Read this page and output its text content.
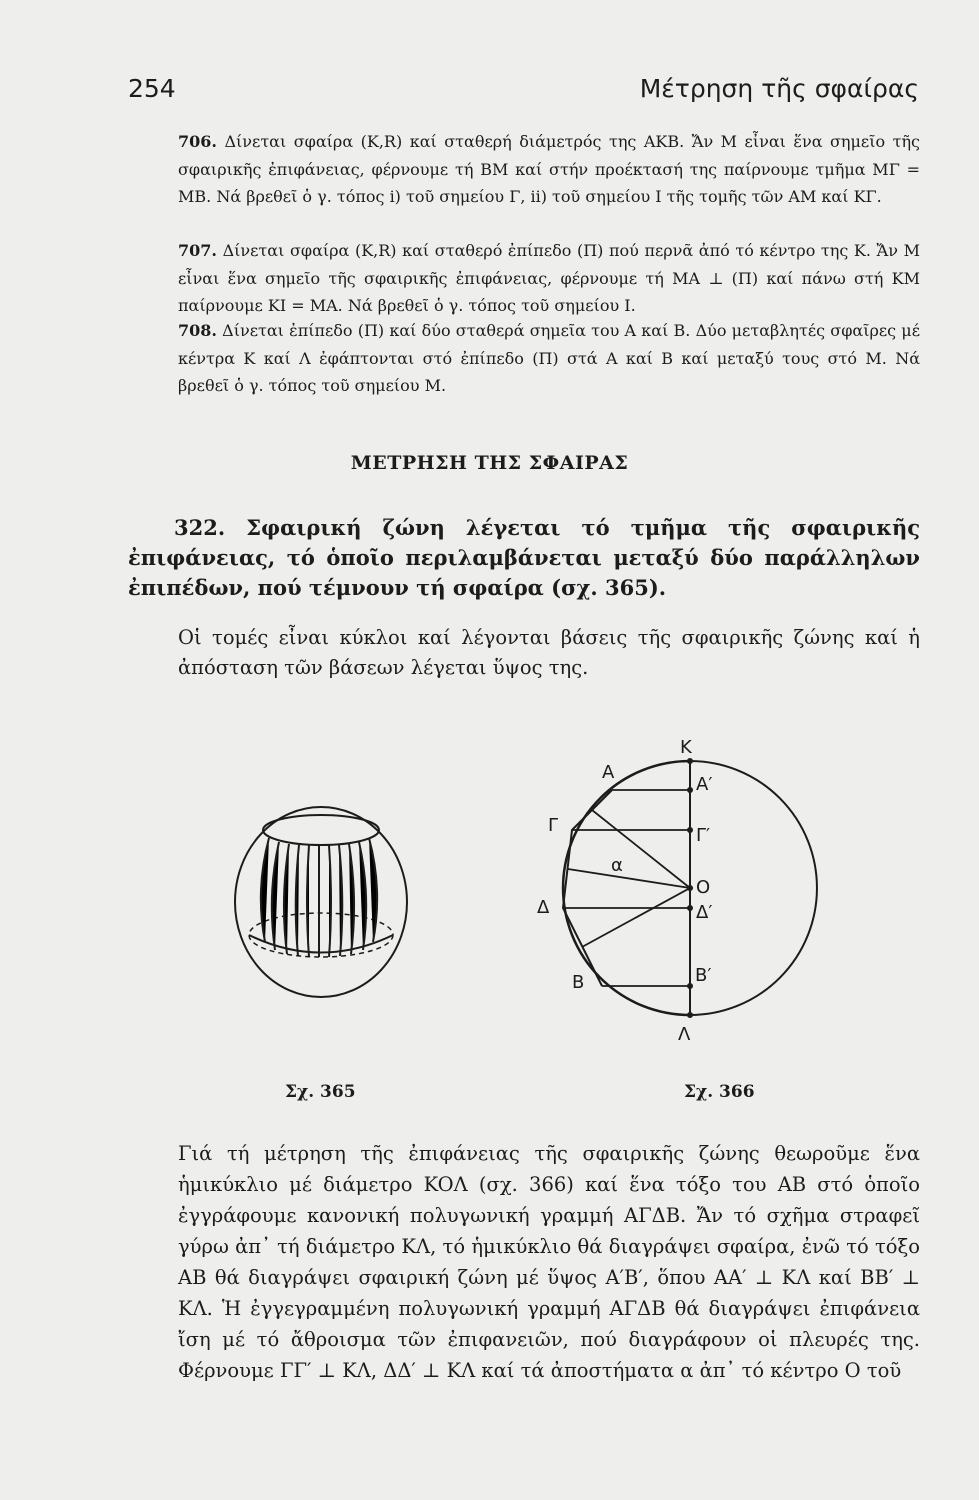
254	Μέτρηση τῆς σφαίρας
706. Δίνεται σφαίρα (K,R) καί σταθερή διάμετρός της AKB. Ἄν M εἶναι ἕνα σημεῖο τῆς σφαιρικῆς ἐπιφάνειας, φέρνουμε τή BM καί στήν προέκτασή της παίρνουμε τμῆμα MΓ = MB. Νά βρεθεῖ ὁ γ. τόπος i) τοῦ σημείου Γ, ii) τοῦ σημείου I τῆς τομῆς τῶν AM καί KΓ.
707. Δίνεται σφαίρα (K,R) καί σταθερό ἐπίπεδο (Π) πού περνᾶ ἀπό τό κέντρο της K. Ἄν M εἶναι ἕνα σημεῖο τῆς σφαιρικῆς ἐπιφάνειας, φέρνουμε τή MA ⊥ (Π) καί πάνω στή KM παίρνουμε KI = MA. Νά βρεθεῖ ὁ γ. τόπος τοῦ σημείου I.
708. Δίνεται ἐπίπεδο (Π) καί δύο σταθερά σημεῖα του A καί B. Δύο μεταβλητές σφαῖρες μέ κέντρα K καί Λ ἐφάπτονται στό ἐπίπεδο (Π) στά A καί B καί μεταξύ τους στό M. Νά βρεθεῖ ὁ γ. τόπος τοῦ σημείου M.
ΜΕΤΡΗΣΗ ΤΗΣ ΣΦΑΙΡΑΣ
322. Σφαιρική ζώνη λέγεται τό τμῆμα τῆς σφαιρικῆς ἐπιφάνειας, τό ὁποῖο περιλαμβάνεται μεταξύ δύο παράλληλων ἐπιπέδων, πού τέμνουν τή σφαίρα (σχ. 365).
Οἱ τομές εἶναι κύκλοι καί λέγονται βάσεις τῆς σφαιρικῆς ζώνης καί ἡ ἀπόσταση τῶν βάσεων λέγεται ὕψος της.
Σχ. 365
K
A
A′
Γ	Γ′
α
O
Δ	Δ′
B	B′
Λ
Σχ. 366
Γιά τή μέτρηση τῆς ἐπιφάνειας τῆς σφαιρικῆς ζώνης θεωροῦμε ἕνα ἡμικύκλιο μέ διάμετρο KOΛ (σχ. 366) καί ἕνα τόξο του AB στό ὁποῖο ἐγγράφουμε κανονική πολυγωνική γραμμή AΓΔB. Ἄν τό σχῆμα στραφεῖ γύρω ἀπ᾽ τή διάμετρο KΛ, τό ἡμικύκλιο θά διαγράψει σφαίρα, ἐνῶ τό τόξο AB θά διαγράψει σφαιρική ζώνη μέ ὕψος A′B′, ὅπου AA′ ⊥ KΛ καί BB′ ⊥ KΛ. Ἡ ἐγγεγραμμένη πολυγωνική γραμμή AΓΔB θά διαγράψει ἐπιφάνεια ἴση μέ τό ἄθροισμα τῶν ἐπιφανειῶν, πού διαγράφουν οἱ πλευρές της. Φέρνουμε ΓΓ′ ⊥ KΛ, ΔΔ′ ⊥ KΛ καί τά ἀποστήματα α ἀπ᾽ τό κέντρο O τοῦ
